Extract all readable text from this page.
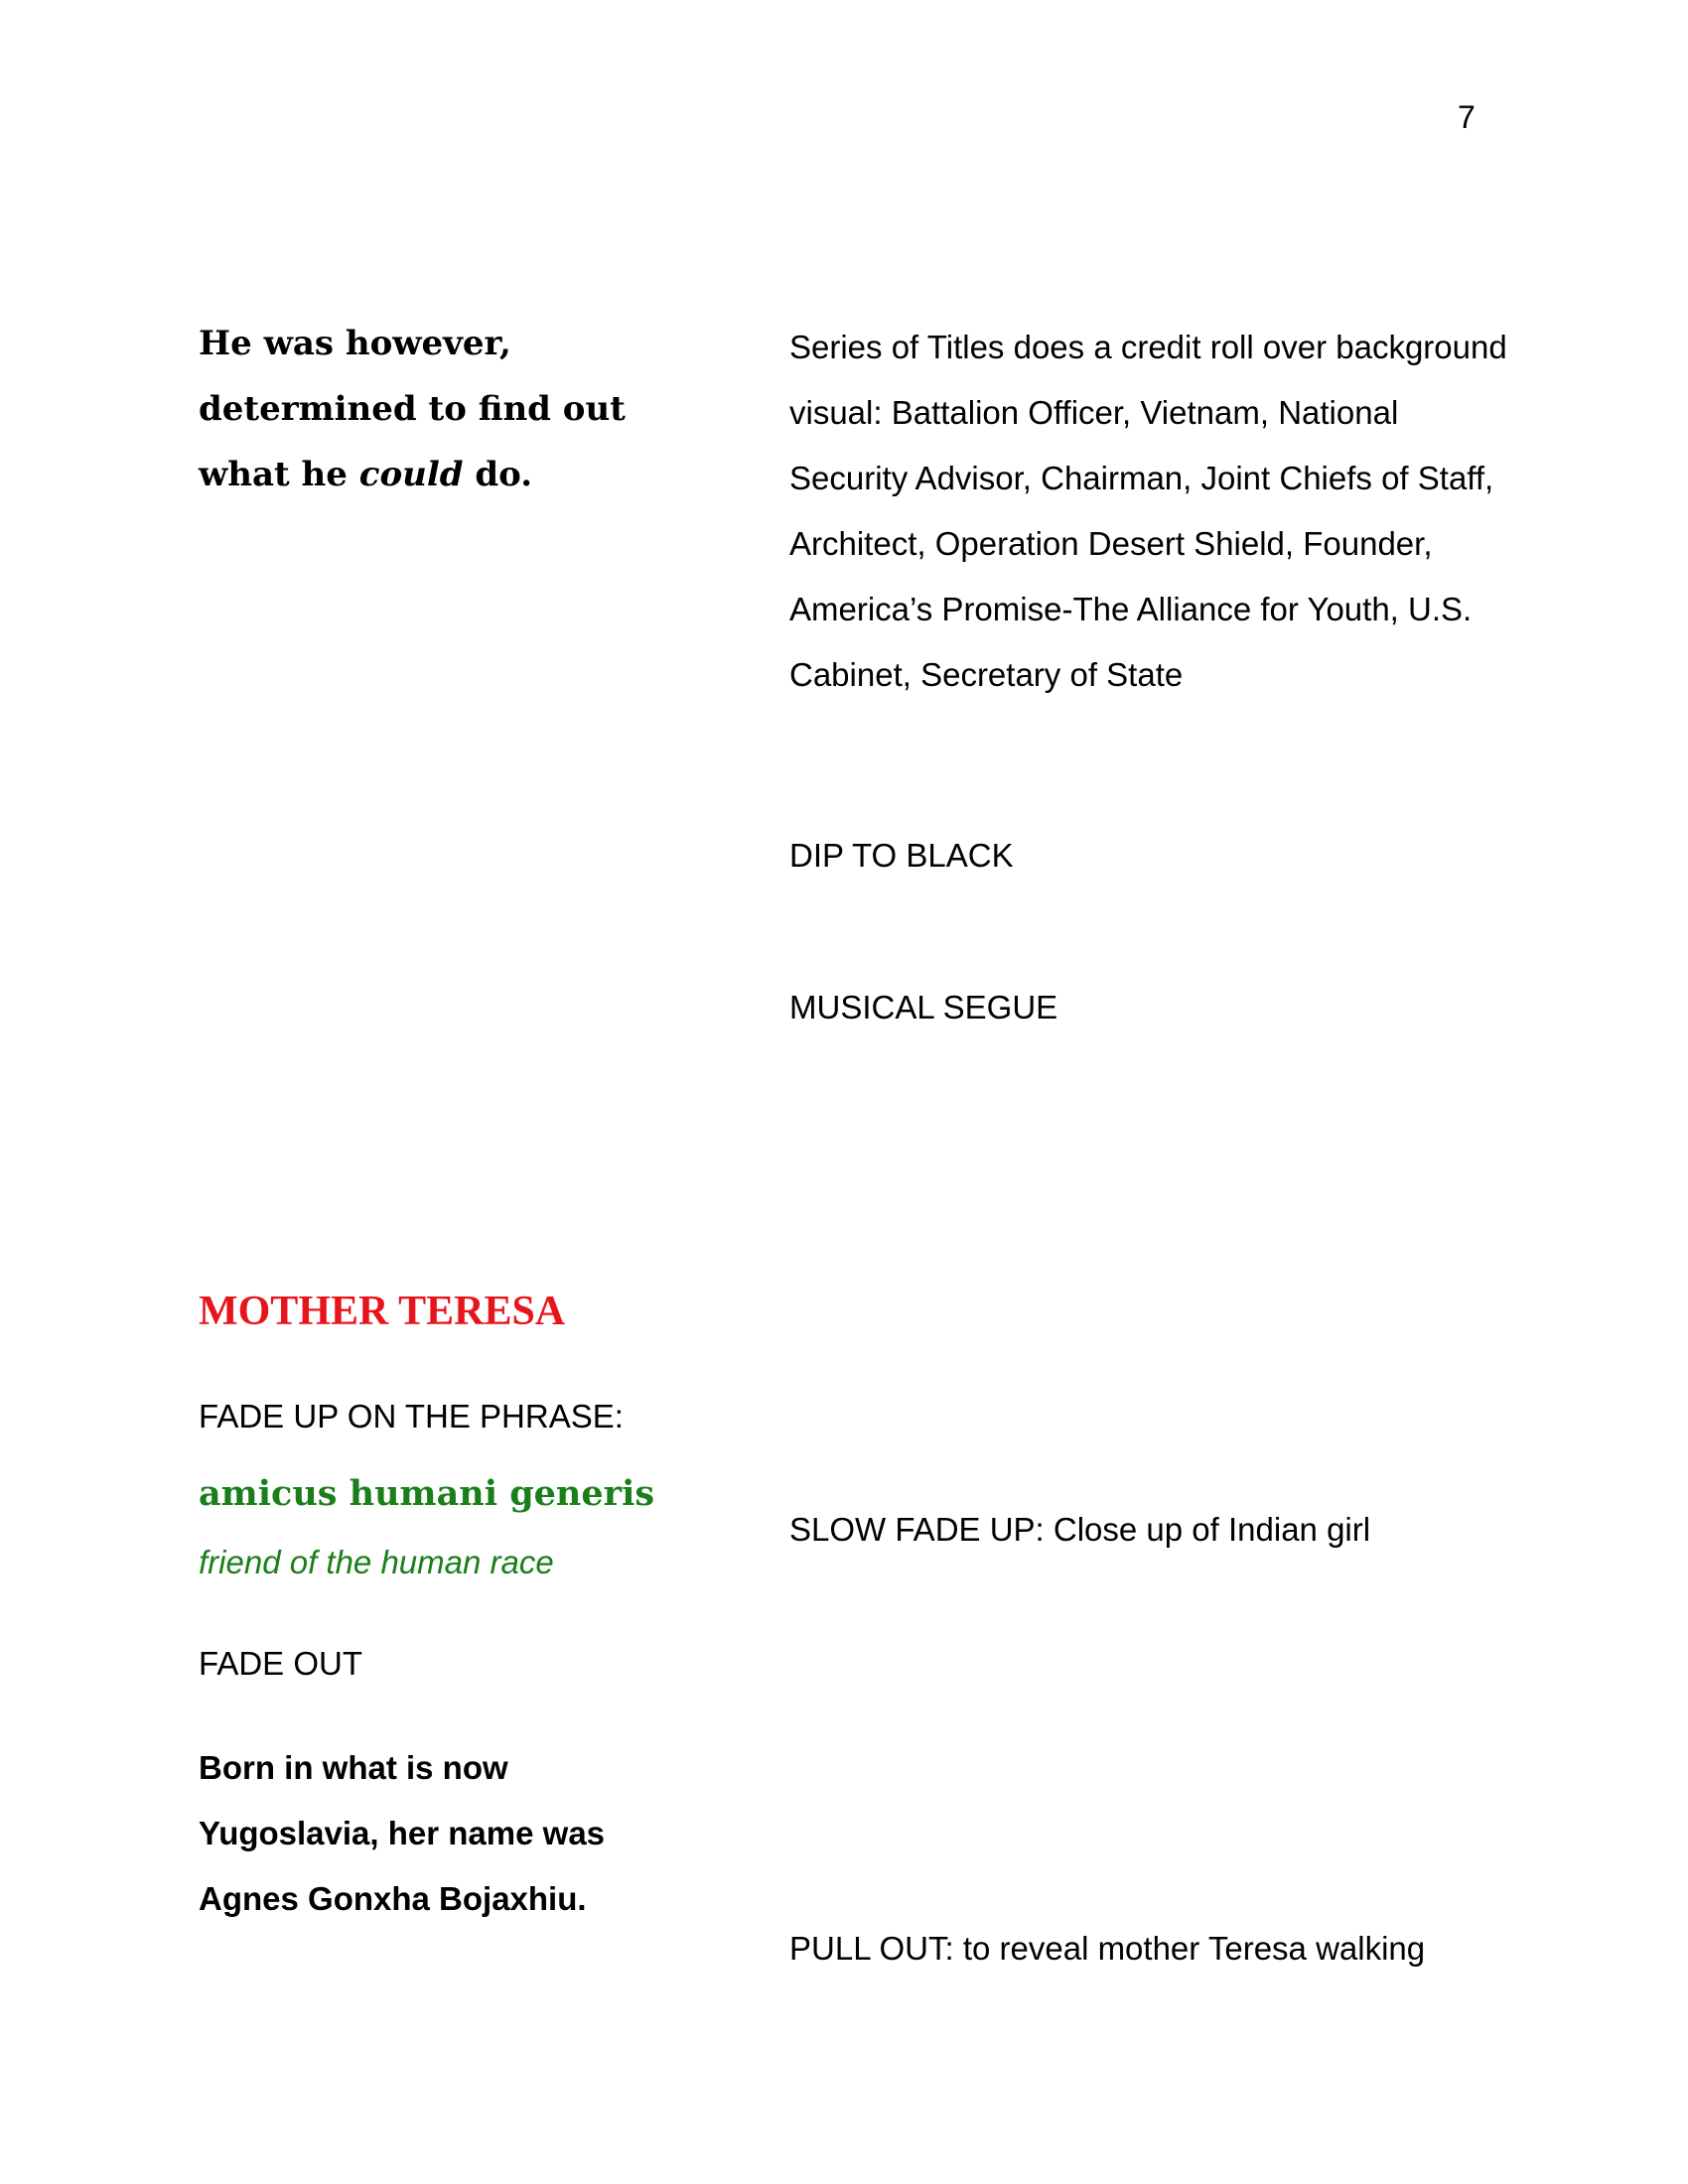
7
He was however,
determined to find out
what he could do.
Series of Titles does a credit roll over background
visual: Battalion Officer, Vietnam, National
Security Advisor, Chairman, Joint Chiefs of Staff,
Architect, Operation Desert Shield, Founder,
America’s Promise-The Alliance for Youth, U.S.
Cabinet, Secretary of State
DIP TO BLACK
MUSICAL SEGUE
MOTHER TERESA
FADE UP ON THE PHRASE:
amicus humani generis
friend of the human race
FADE OUT
Born in what is now
Yugoslavia, her name was
Agnes Gonxha Bojaxhiu.
SLOW FADE UP: Close up of Indian girl
PULL OUT: to reveal mother Teresa walking
